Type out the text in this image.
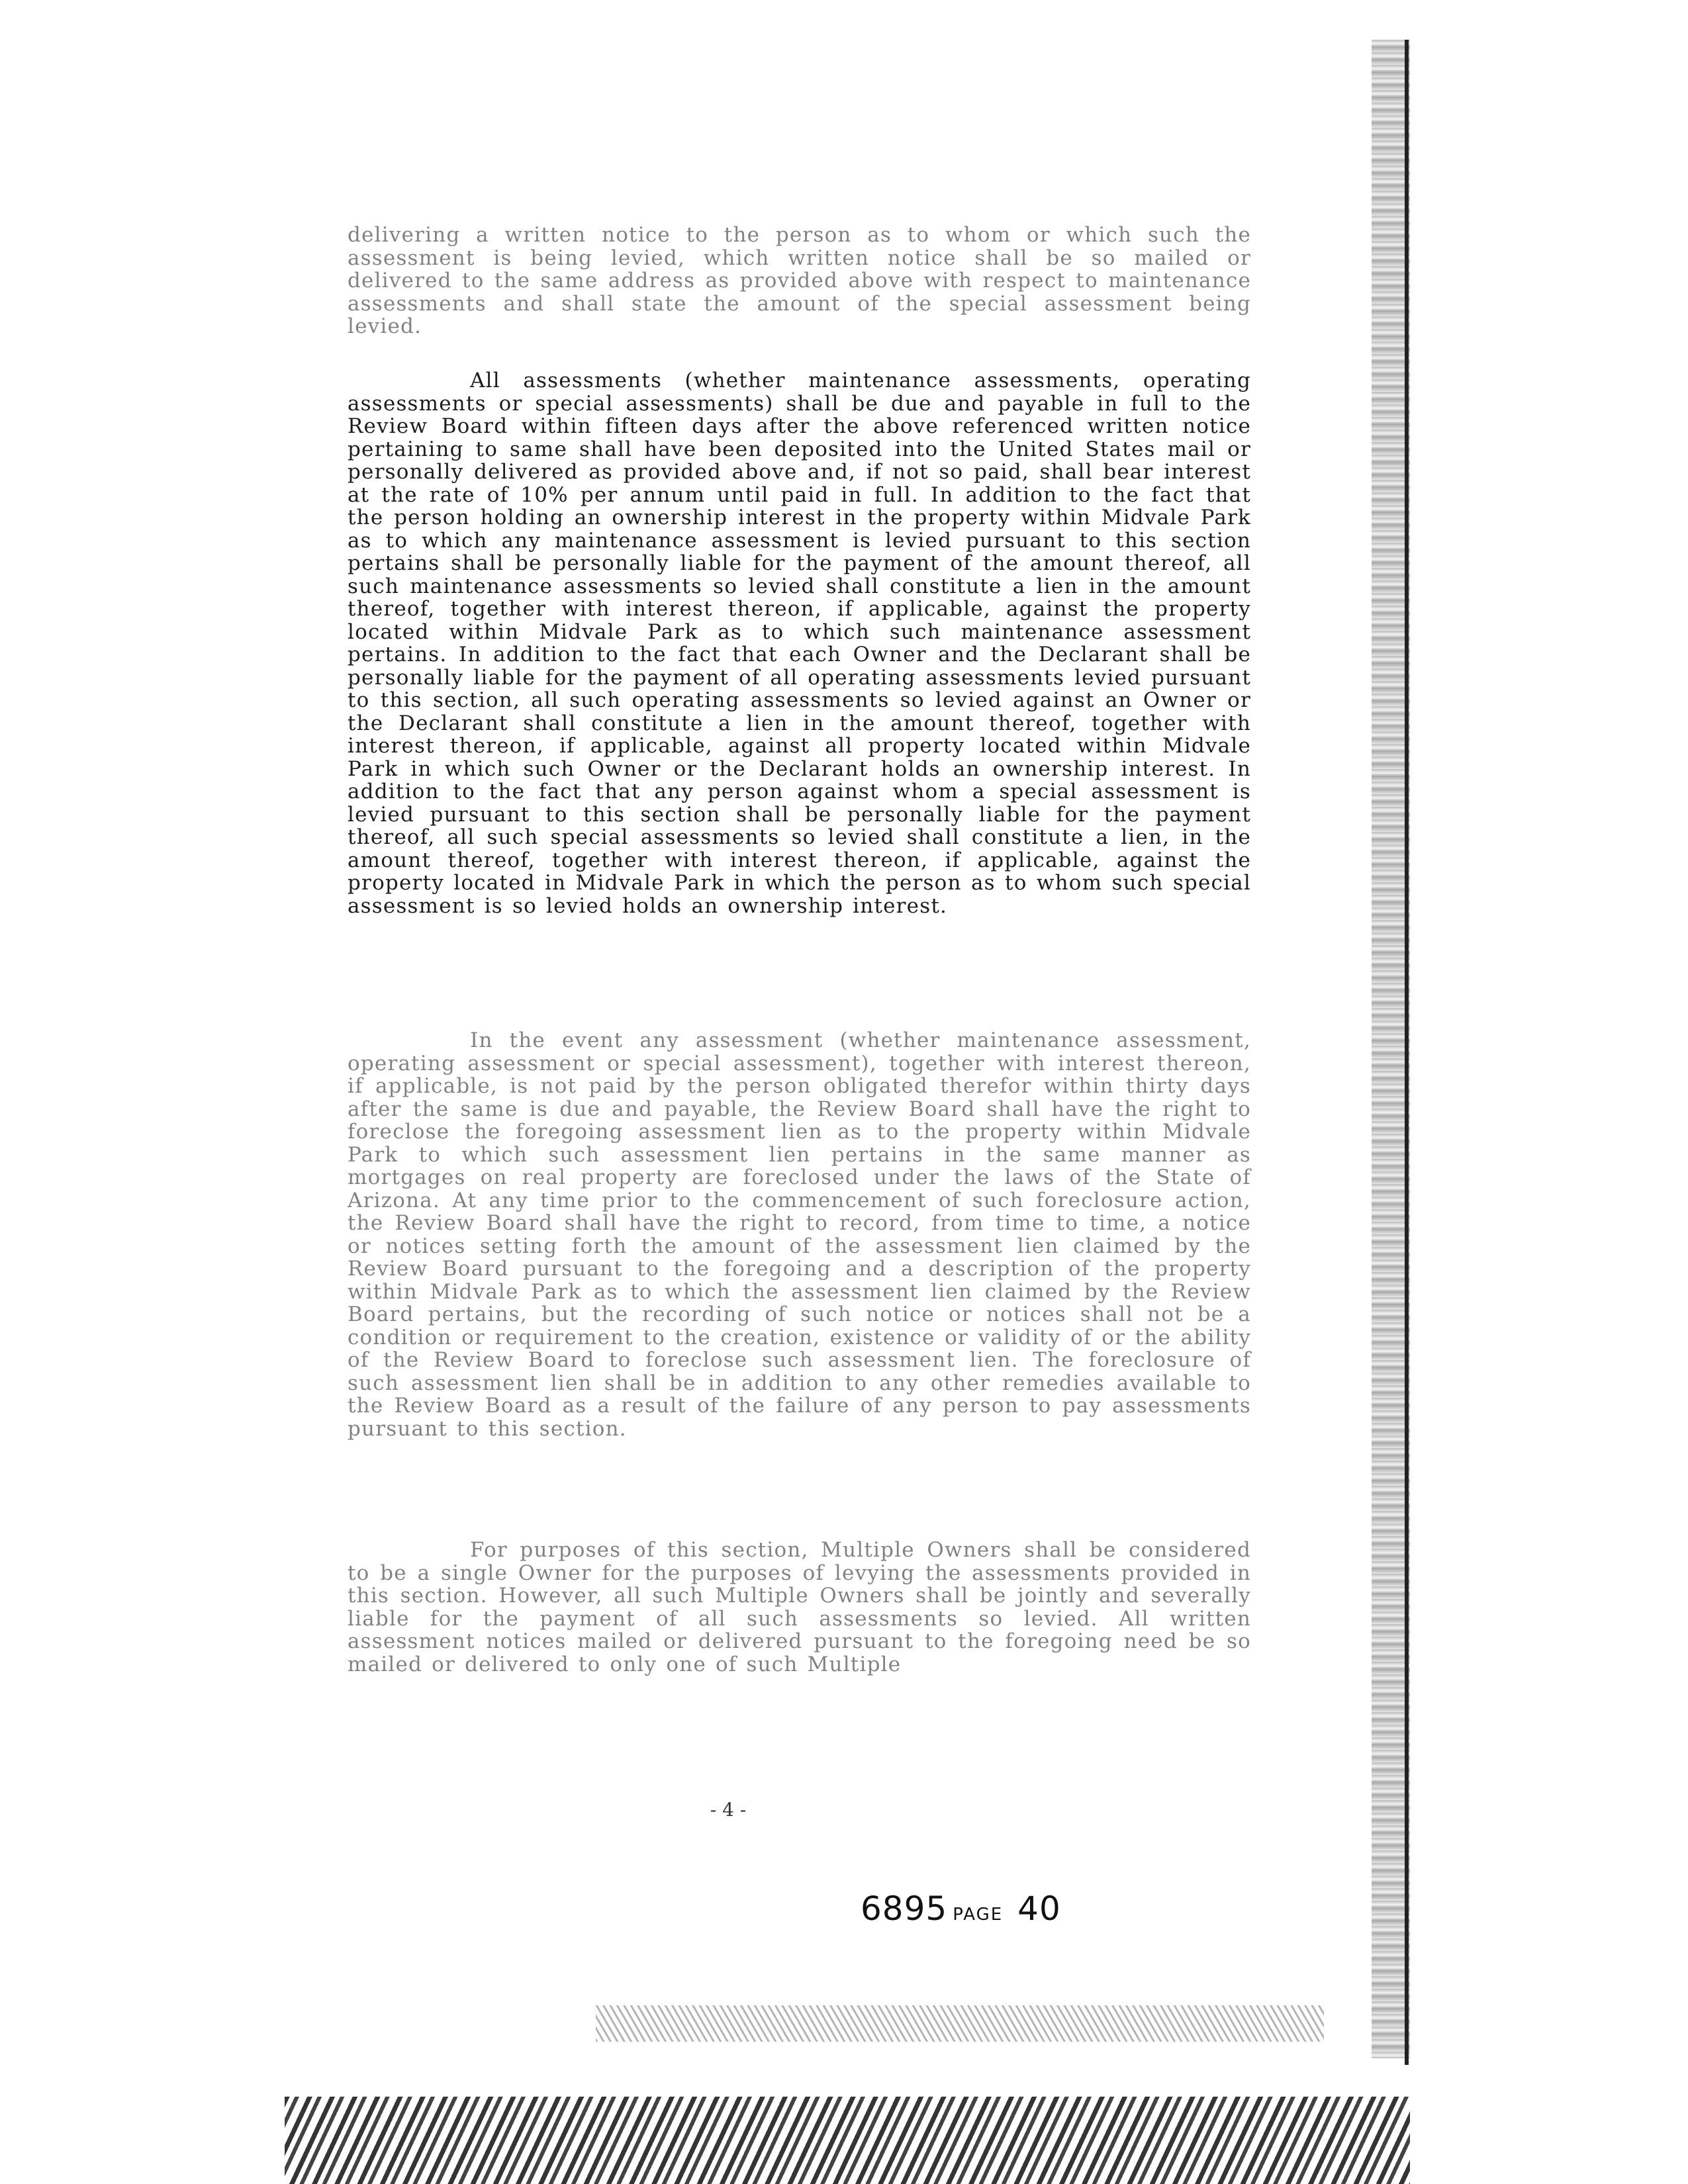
delivering a written notice to the person as to whom or which such the assessment is being levied, which written notice shall be so mailed or delivered to the same address as provided above with respect to maintenance assessments and shall state the amount of the special assessment being levied.
All assessments (whether maintenance assessments, operating assessments or special assessments) shall be due and payable in full to the Review Board within fifteen days after the above referenced written notice pertaining to same shall have been deposited into the United States mail or personally delivered as provided above and, if not so paid, shall bear interest at the rate of 10% per annum until paid in full. In addition to the fact that the person holding an ownership interest in the property within Midvale Park as to which any maintenance assessment is levied pursuant to this section pertains shall be personally liable for the payment of the amount thereof, all such maintenance assessments so levied shall constitute a lien in the amount thereof, together with interest thereon, if applicable, against the property located within Midvale Park as to which such maintenance assessment pertains. In addition to the fact that each Owner and the Declarant shall be personally liable for the payment of all operating assessments levied pursuant to this section, all such operating assessments so levied against an Owner or the Declarant shall constitute a lien in the amount thereof, together with interest thereon, if applicable, against all property located within Midvale Park in which such Owner or the Declarant holds an ownership interest. In addition to the fact that any person against whom a special assessment is levied pursuant to this section shall be personally liable for the payment thereof, all such special assessments so levied shall constitute a lien, in the amount thereof, together with interest thereon, if applicable, against the property located in Midvale Park in which the person as to whom such special assessment is so levied holds an ownership interest.
In the event any assessment (whether maintenance assessment, operating assessment or special assessment), together with interest thereon, if applicable, is not paid by the person obligated therefor within thirty days after the same is due and payable, the Review Board shall have the right to foreclose the foregoing assessment lien as to the property within Midvale Park to which such assessment lien pertains in the same manner as mortgages on real property are foreclosed under the laws of the State of Arizona. At any time prior to the commencement of such foreclosure action, the Review Board shall have the right to record, from time to time, a notice or notices setting forth the amount of the assessment lien claimed by the Review Board pursuant to the foregoing and a description of the property within Midvale Park as to which the assessment lien claimed by the Review Board pertains, but the recording of such notice or notices shall not be a condition or requirement to the creation, existence or validity of or the ability of the Review Board to foreclose such assessment lien. The foreclosure of such assessment lien shall be in addition to any other remedies available to the Review Board as a result of the failure of any person to pay assessments pursuant to this section.
For purposes of this section, Multiple Owners shall be considered to be a single Owner for the purposes of levying the assessments provided in this section. However, all such Multiple Owners shall be jointly and severally liable for the payment of all such assessments so levied. All written assessment notices mailed or delivered pursuant to the foregoing need be so mailed or delivered to only one of such Multiple
- 4 -
6895 PAGE 40
